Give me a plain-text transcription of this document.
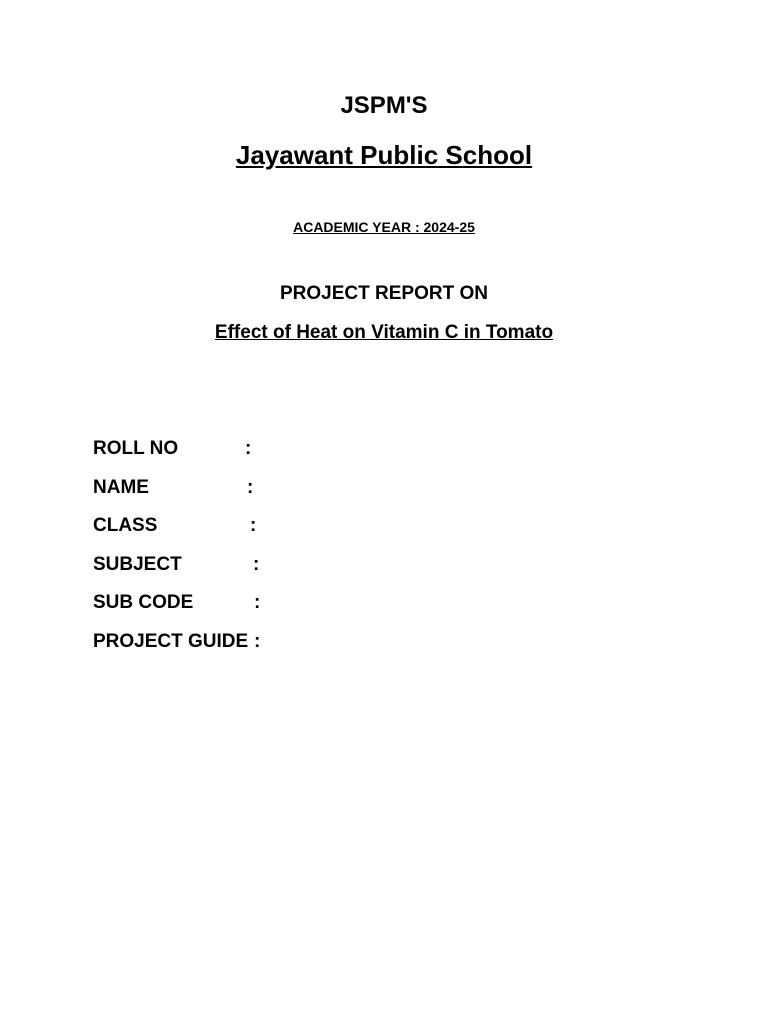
JSPM'S
Jayawant Public School
ACADEMIC YEAR : 2024-25
PROJECT REPORT ON
Effect of Heat on Vitamin C in Tomato
ROLL NO	:
NAME	:
CLASS	:
SUBJECT	:
SUB CODE	:
PROJECT GUIDE :
